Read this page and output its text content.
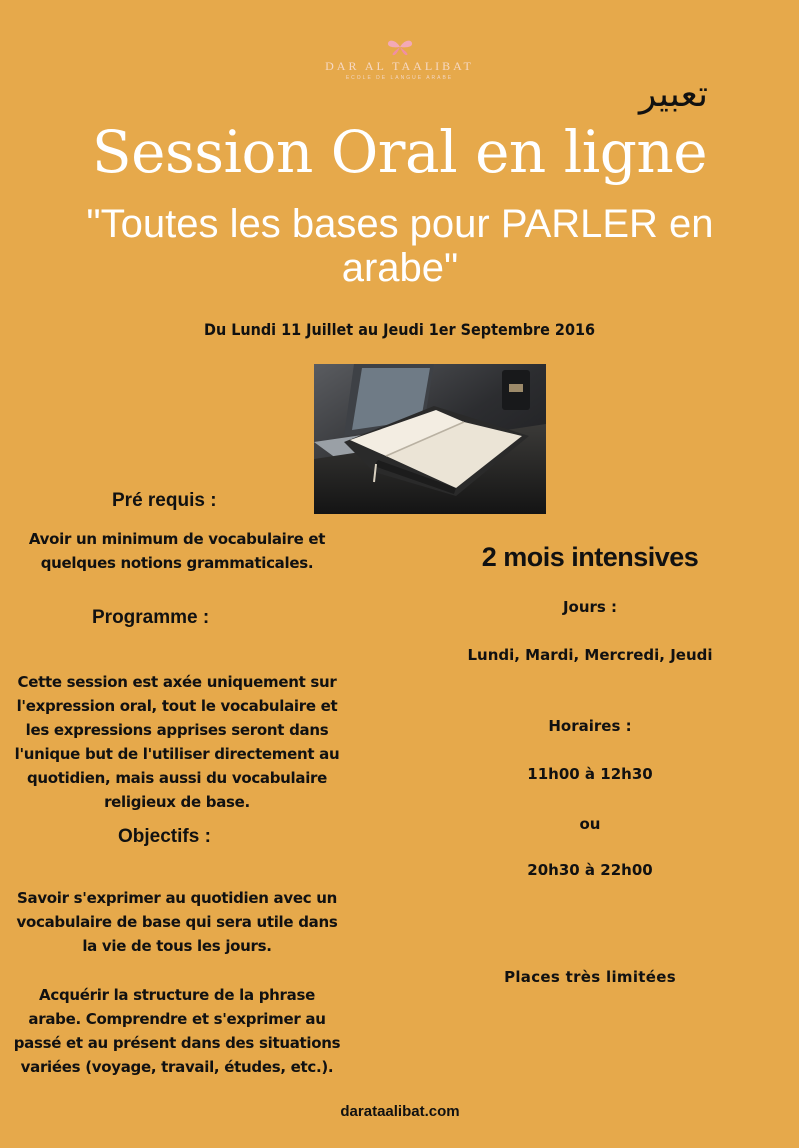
DAR AL TAALIBAT
ECOLE DE LANGUE ARABE	تعبير
Session Oral en ligne
"Toutes les bases pour PARLER en arabe"
Du Lundi 11 Juillet au Jeudi 1er Septembre 2016
Pré requis :
Avoir un minimum de vocabulaire et quelques notions grammaticales.
Programme :
Cette session est axée uniquement sur l'expression oral, tout le vocabulaire et les expressions apprises seront dans l'unique but de l'utiliser directement au quotidien, mais aussi du vocabulaire religieux de base.
Objectifs :
Savoir s'exprimer au quotidien avec un vocabulaire de base qui sera utile dans la vie de tous les jours.
Acquérir la structure de la phrase arabe. Comprendre et s'exprimer au passé et au présent dans des situations variées (voyage, travail, études, etc.).
2 mois intensives
Jours :
Lundi, Mardi, Mercredi, Jeudi
Horaires :
11h00 à 12h30
ou
20h30 à 22h00
Places très limitées
darataalibat.com
